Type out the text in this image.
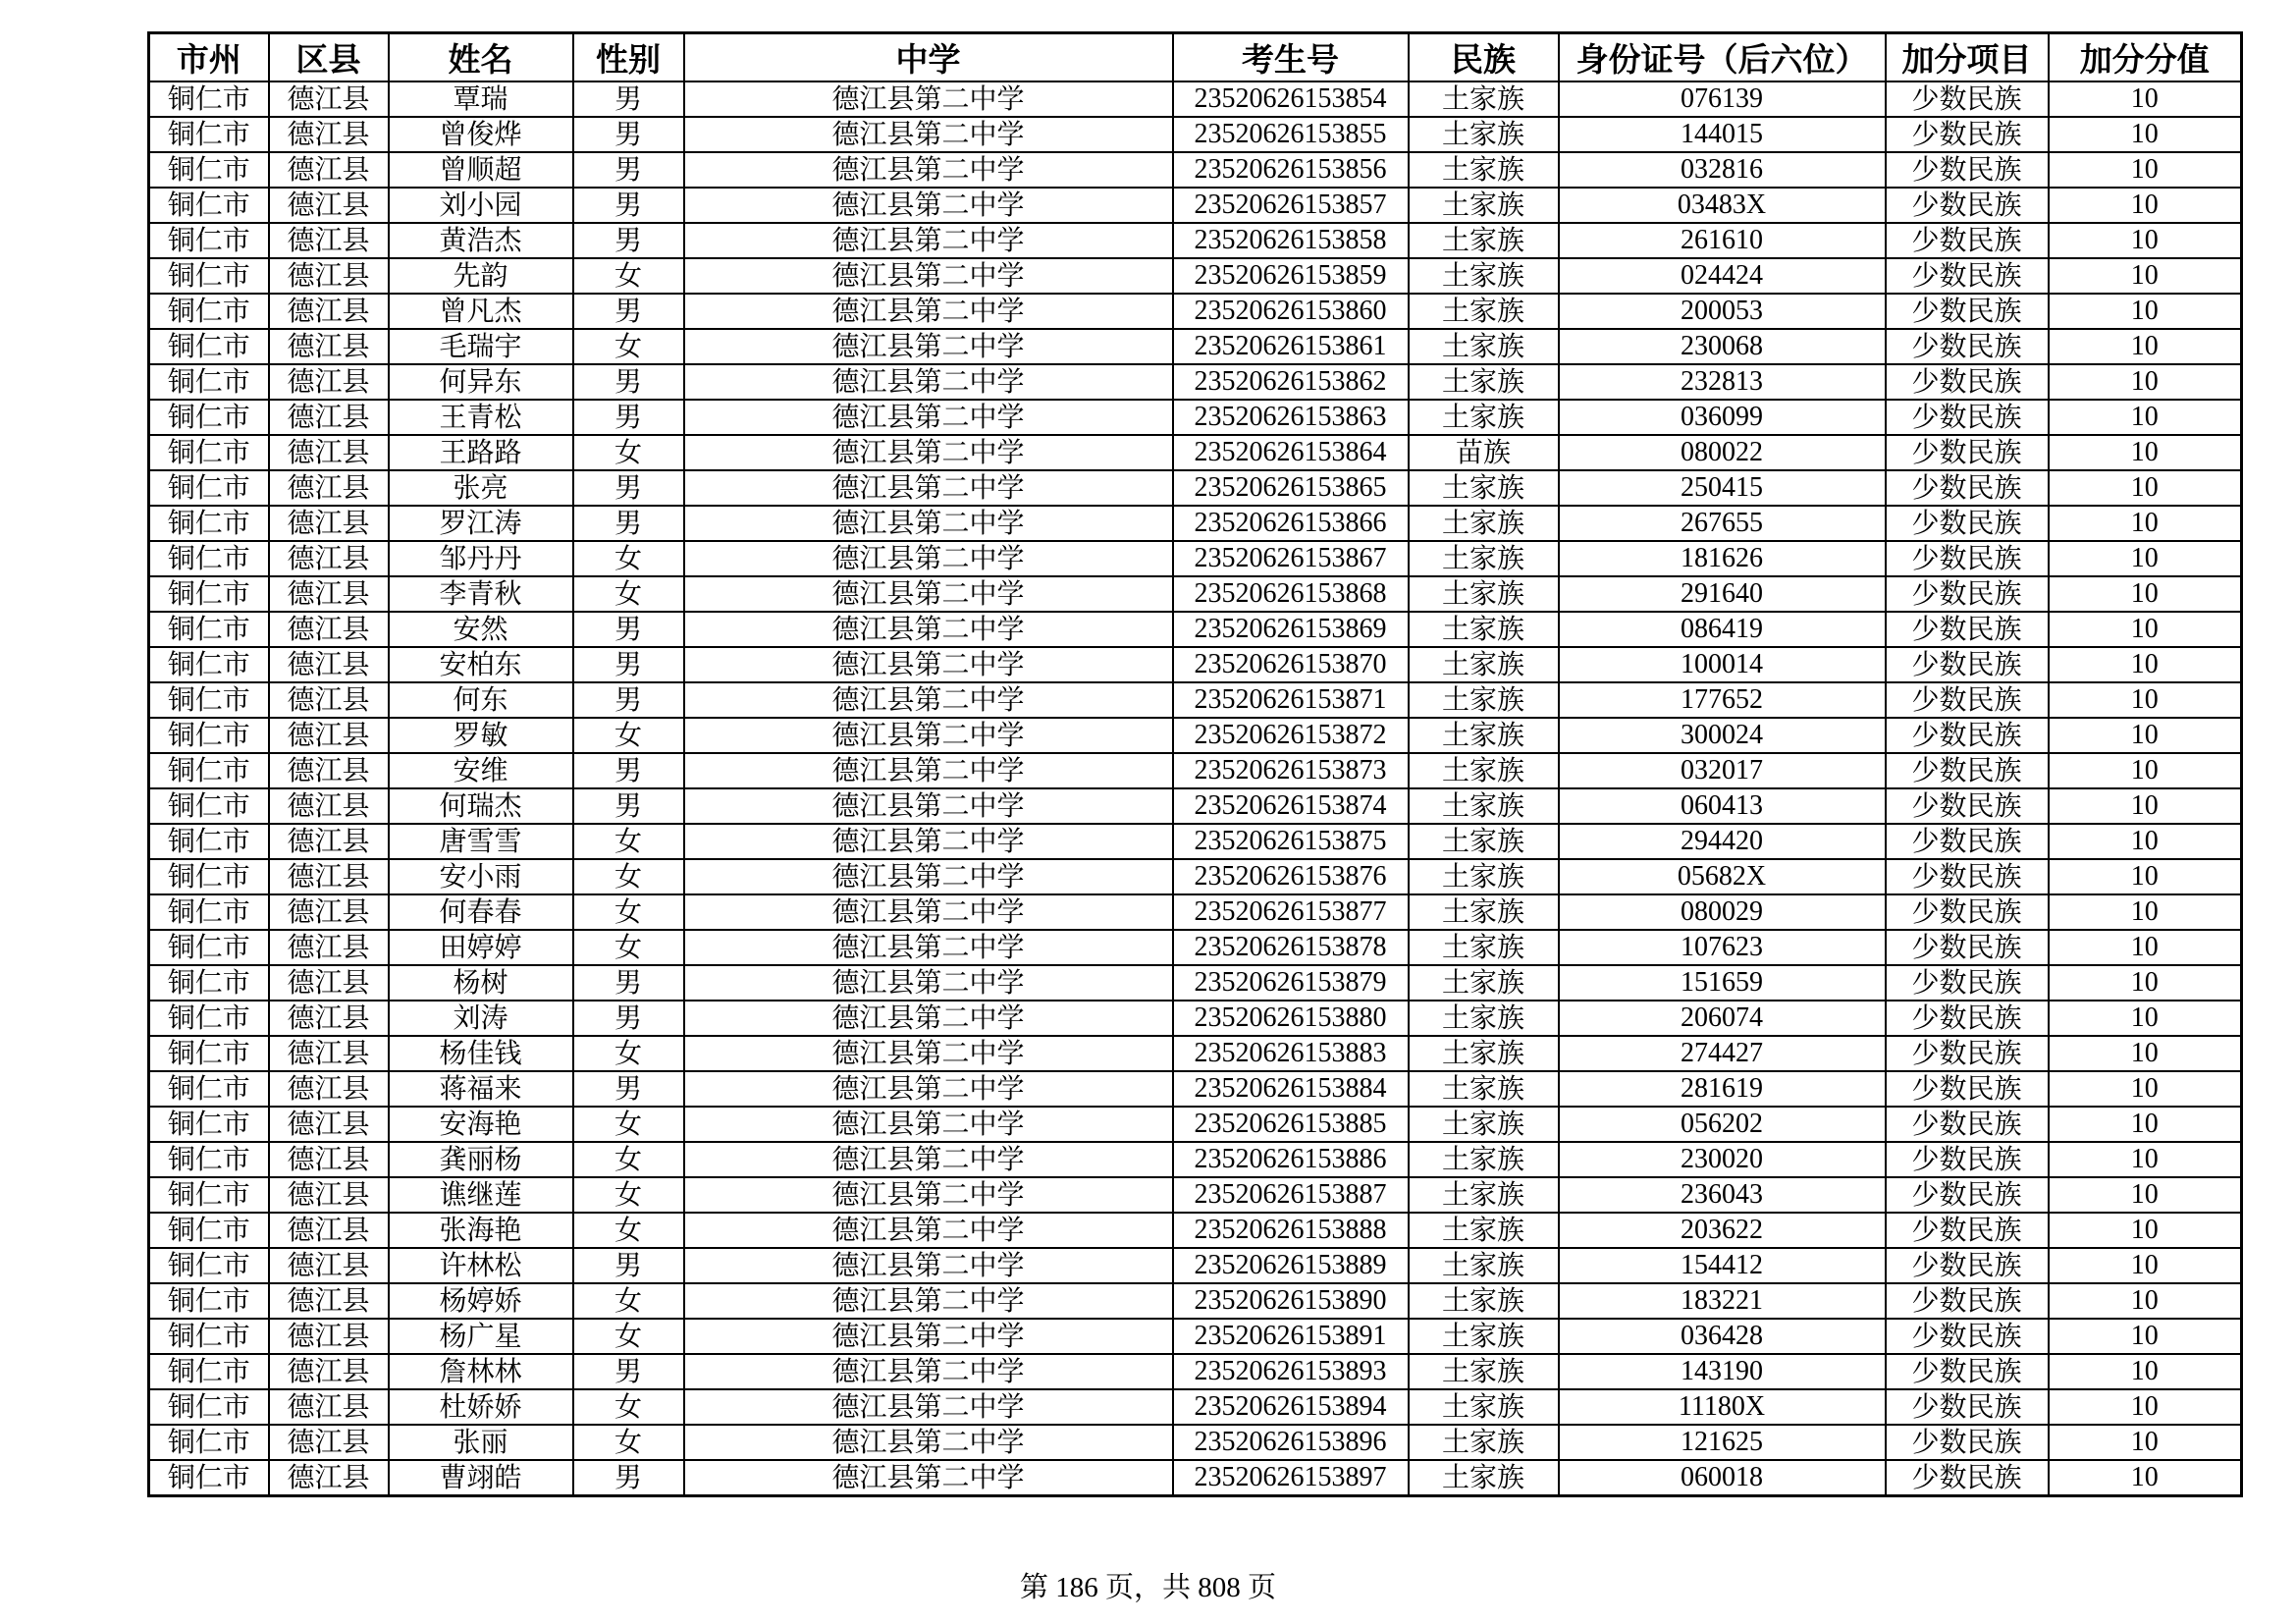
市州	区县	姓名	性别	中学	考生号	民族	身份证号（后六位）	加分项目	加分分值
铜仁市	德江县	覃瑞	男	德江县第二中学	23520626153854	土家族	076139	少数民族	10
铜仁市	德江县	曾俊烨	男	德江县第二中学	23520626153855	土家族	144015	少数民族	10
铜仁市	德江县	曾顺超	男	德江县第二中学	23520626153856	土家族	032816	少数民族	10
铜仁市	德江县	刘小园	男	德江县第二中学	23520626153857	土家族	03483X	少数民族	10
铜仁市	德江县	黄浩杰	男	德江县第二中学	23520626153858	土家族	261610	少数民族	10
铜仁市	德江县	先韵	女	德江县第二中学	23520626153859	土家族	024424	少数民族	10
铜仁市	德江县	曾凡杰	男	德江县第二中学	23520626153860	土家族	200053	少数民族	10
铜仁市	德江县	毛瑞宇	女	德江县第二中学	23520626153861	土家族	230068	少数民族	10
铜仁市	德江县	何异东	男	德江县第二中学	23520626153862	土家族	232813	少数民族	10
铜仁市	德江县	王青松	男	德江县第二中学	23520626153863	土家族	036099	少数民族	10
铜仁市	德江县	王路路	女	德江县第二中学	23520626153864	苗族	080022	少数民族	10
铜仁市	德江县	张亮	男	德江县第二中学	23520626153865	土家族	250415	少数民族	10
铜仁市	德江县	罗江涛	男	德江县第二中学	23520626153866	土家族	267655	少数民族	10
铜仁市	德江县	邹丹丹	女	德江县第二中学	23520626153867	土家族	181626	少数民族	10
铜仁市	德江县	李青秋	女	德江县第二中学	23520626153868	土家族	291640	少数民族	10
铜仁市	德江县	安然	男	德江县第二中学	23520626153869	土家族	086419	少数民族	10
铜仁市	德江县	安柏东	男	德江县第二中学	23520626153870	土家族	100014	少数民族	10
铜仁市	德江县	何东	男	德江县第二中学	23520626153871	土家族	177652	少数民族	10
铜仁市	德江县	罗敏	女	德江县第二中学	23520626153872	土家族	300024	少数民族	10
铜仁市	德江县	安维	男	德江县第二中学	23520626153873	土家族	032017	少数民族	10
铜仁市	德江县	何瑞杰	男	德江县第二中学	23520626153874	土家族	060413	少数民族	10
铜仁市	德江县	唐雪雪	女	德江县第二中学	23520626153875	土家族	294420	少数民族	10
铜仁市	德江县	安小雨	女	德江县第二中学	23520626153876	土家族	05682X	少数民族	10
铜仁市	德江县	何春春	女	德江县第二中学	23520626153877	土家族	080029	少数民族	10
铜仁市	德江县	田婷婷	女	德江县第二中学	23520626153878	土家族	107623	少数民族	10
铜仁市	德江县	杨树	男	德江县第二中学	23520626153879	土家族	151659	少数民族	10
铜仁市	德江县	刘涛	男	德江县第二中学	23520626153880	土家族	206074	少数民族	10
铜仁市	德江县	杨佳钱	女	德江县第二中学	23520626153883	土家族	274427	少数民族	10
铜仁市	德江县	蒋福来	男	德江县第二中学	23520626153884	土家族	281619	少数民族	10
铜仁市	德江县	安海艳	女	德江县第二中学	23520626153885	土家族	056202	少数民族	10
铜仁市	德江县	龚丽杨	女	德江县第二中学	23520626153886	土家族	230020	少数民族	10
铜仁市	德江县	谯继莲	女	德江县第二中学	23520626153887	土家族	236043	少数民族	10
铜仁市	德江县	张海艳	女	德江县第二中学	23520626153888	土家族	203622	少数民族	10
铜仁市	德江县	许林松	男	德江县第二中学	23520626153889	土家族	154412	少数民族	10
铜仁市	德江县	杨婷娇	女	德江县第二中学	23520626153890	土家族	183221	少数民族	10
铜仁市	德江县	杨广星	女	德江县第二中学	23520626153891	土家族	036428	少数民族	10
铜仁市	德江县	詹林林	男	德江县第二中学	23520626153893	土家族	143190	少数民族	10
铜仁市	德江县	杜娇娇	女	德江县第二中学	23520626153894	土家族	11180X	少数民族	10
铜仁市	德江县	张丽	女	德江县第二中学	23520626153896	土家族	121625	少数民族	10
铜仁市	德江县	曹翊皓	男	德江县第二中学	23520626153897	土家族	060018	少数民族	10
第 186 页，共 808 页
